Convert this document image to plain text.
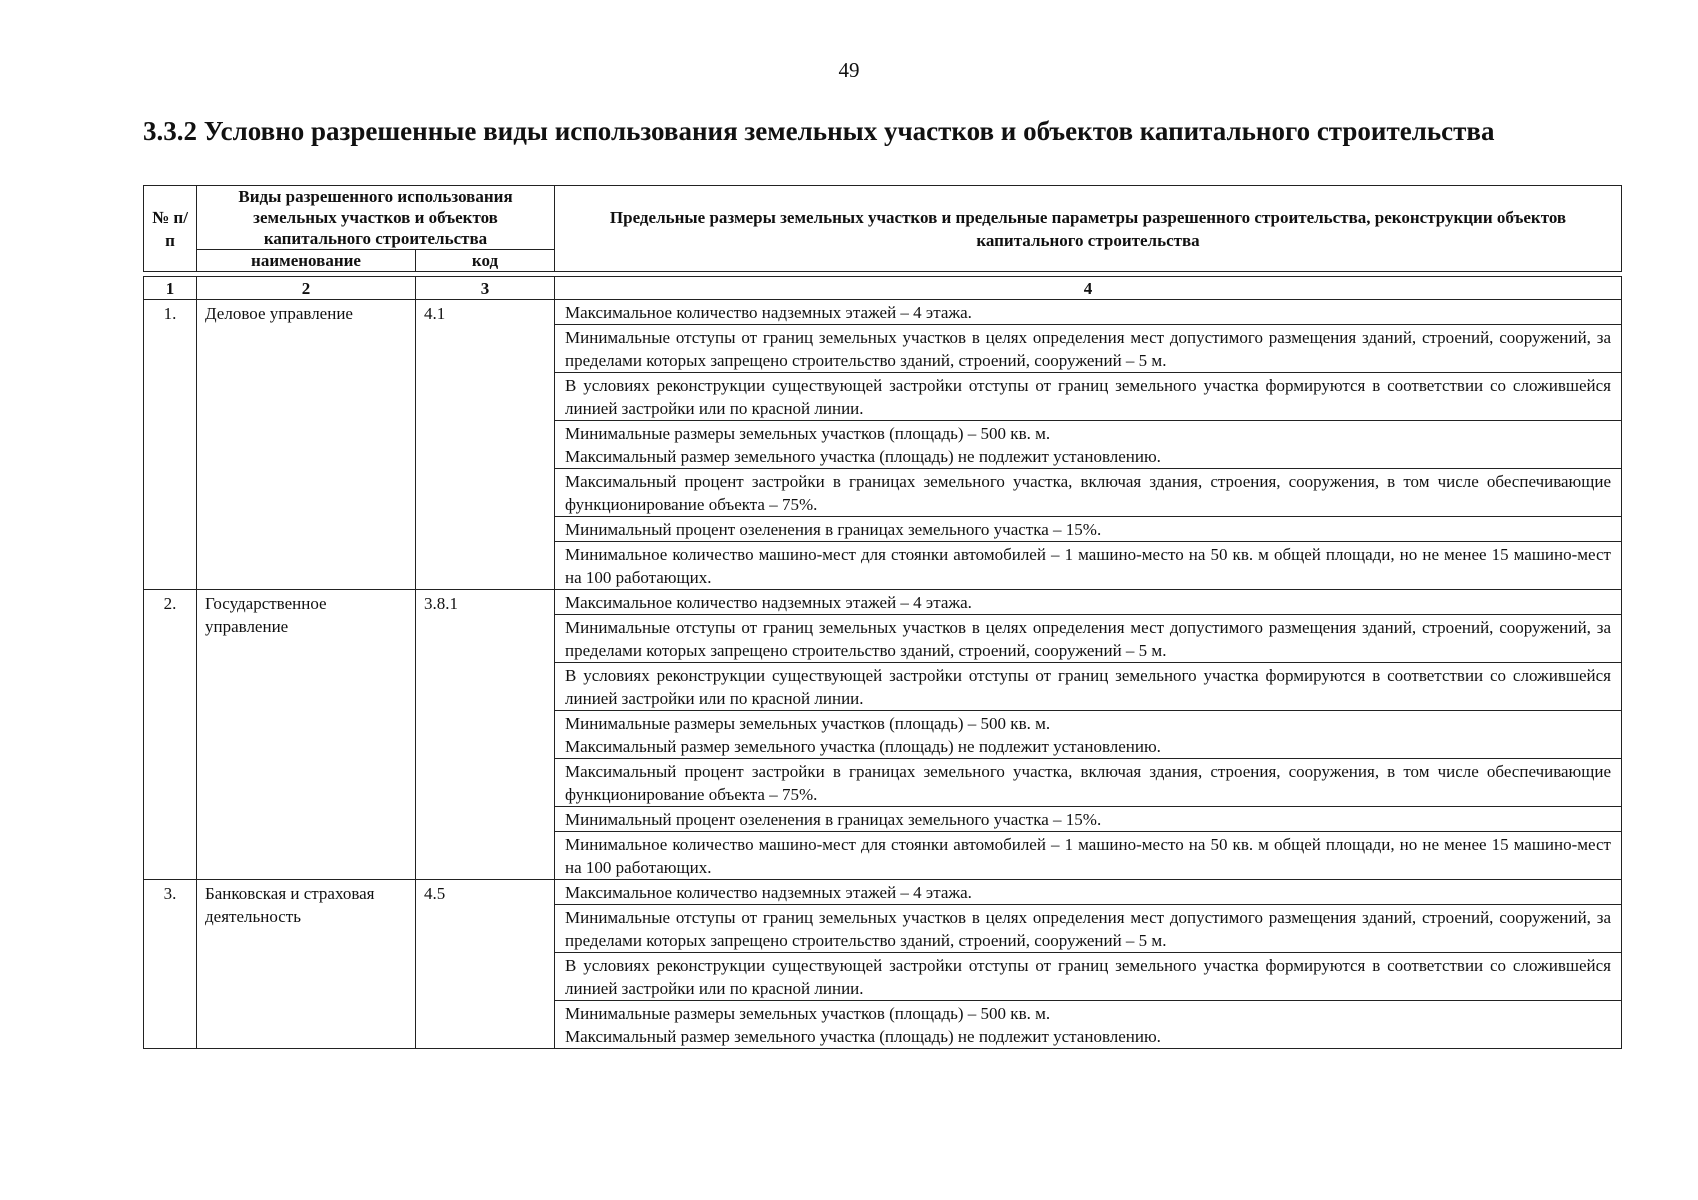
49
3.3.2 Условно разрешенные виды использования земельных участков и объектов капитального строительства
№ п/п	Виды разрешенного использования земельных участков и объектов капитального строительства		Предельные размеры земельных участков и предельные параметры разрешенного строительства, реконструкции объектов капитального строительства
	наименование	код	

1	2	3	4
1.	Деловое управление	4.1	Максимальное количество надземных этажей – 4 этажа.
			Минимальные отступы от границ земельных участков в целях определения мест допустимого размещения зданий, строений, сооружений, за пределами которых запрещено строительство зданий, строений, сооружений – 5 м.
			В условиях реконструкции существующей застройки отступы от границ земельного участка формируются в соответствии со сложившейся линией застройки или по красной линии.
			Минимальные размеры земельных участков (площадь) – 500 кв. м.
Максимальный размер земельного участка (площадь) не подлежит установлению.
			Максимальный процент застройки в границах земельного участка, включая здания, строения, сооружения, в том числе обеспечивающие функционирование объекта – 75%.
			Минимальный процент озеленения в границах земельного участка – 15%.
			Минимальное количество машино-мест для стоянки автомобилей – 1 машино-место на 50 кв. м общей площади, но не менее 15 машино-мест на 100 работающих.
2.	Государственное управление	3.8.1	Максимальное количество надземных этажей – 4 этажа.
			Минимальные отступы от границ земельных участков в целях определения мест допустимого размещения зданий, строений, сооружений, за пределами которых запрещено строительство зданий, строений, сооружений – 5 м.
			В условиях реконструкции существующей застройки отступы от границ земельного участка формируются в соответствии со сложившейся линией застройки или по красной линии.
			Минимальные размеры земельных участков (площадь) – 500 кв. м.
Максимальный размер земельного участка (площадь) не подлежит установлению.
			Максимальный процент застройки в границах земельного участка, включая здания, строения, сооружения, в том числе обеспечивающие функционирование объекта – 75%.
			Минимальный процент озеленения в границах земельного участка – 15%.
			Минимальное количество машино-мест для стоянки автомобилей – 1 машино-место на 50 кв. м общей площади, но не менее 15 машино-мест на 100 работающих.
3.	Банковская и страховая деятельность	4.5	Максимальное количество надземных этажей – 4 этажа.
			Минимальные отступы от границ земельных участков в целях определения мест допустимого размещения зданий, строений, сооружений, за пределами которых запрещено строительство зданий, строений, сооружений – 5 м.
			В условиях реконструкции существующей застройки отступы от границ земельного участка формируются в соответствии со сложившейся линией застройки или по красной линии.
			Минимальные размеры земельных участков (площадь) – 500 кв. м.
Максимальный размер земельного участка (площадь) не подлежит установлению.
